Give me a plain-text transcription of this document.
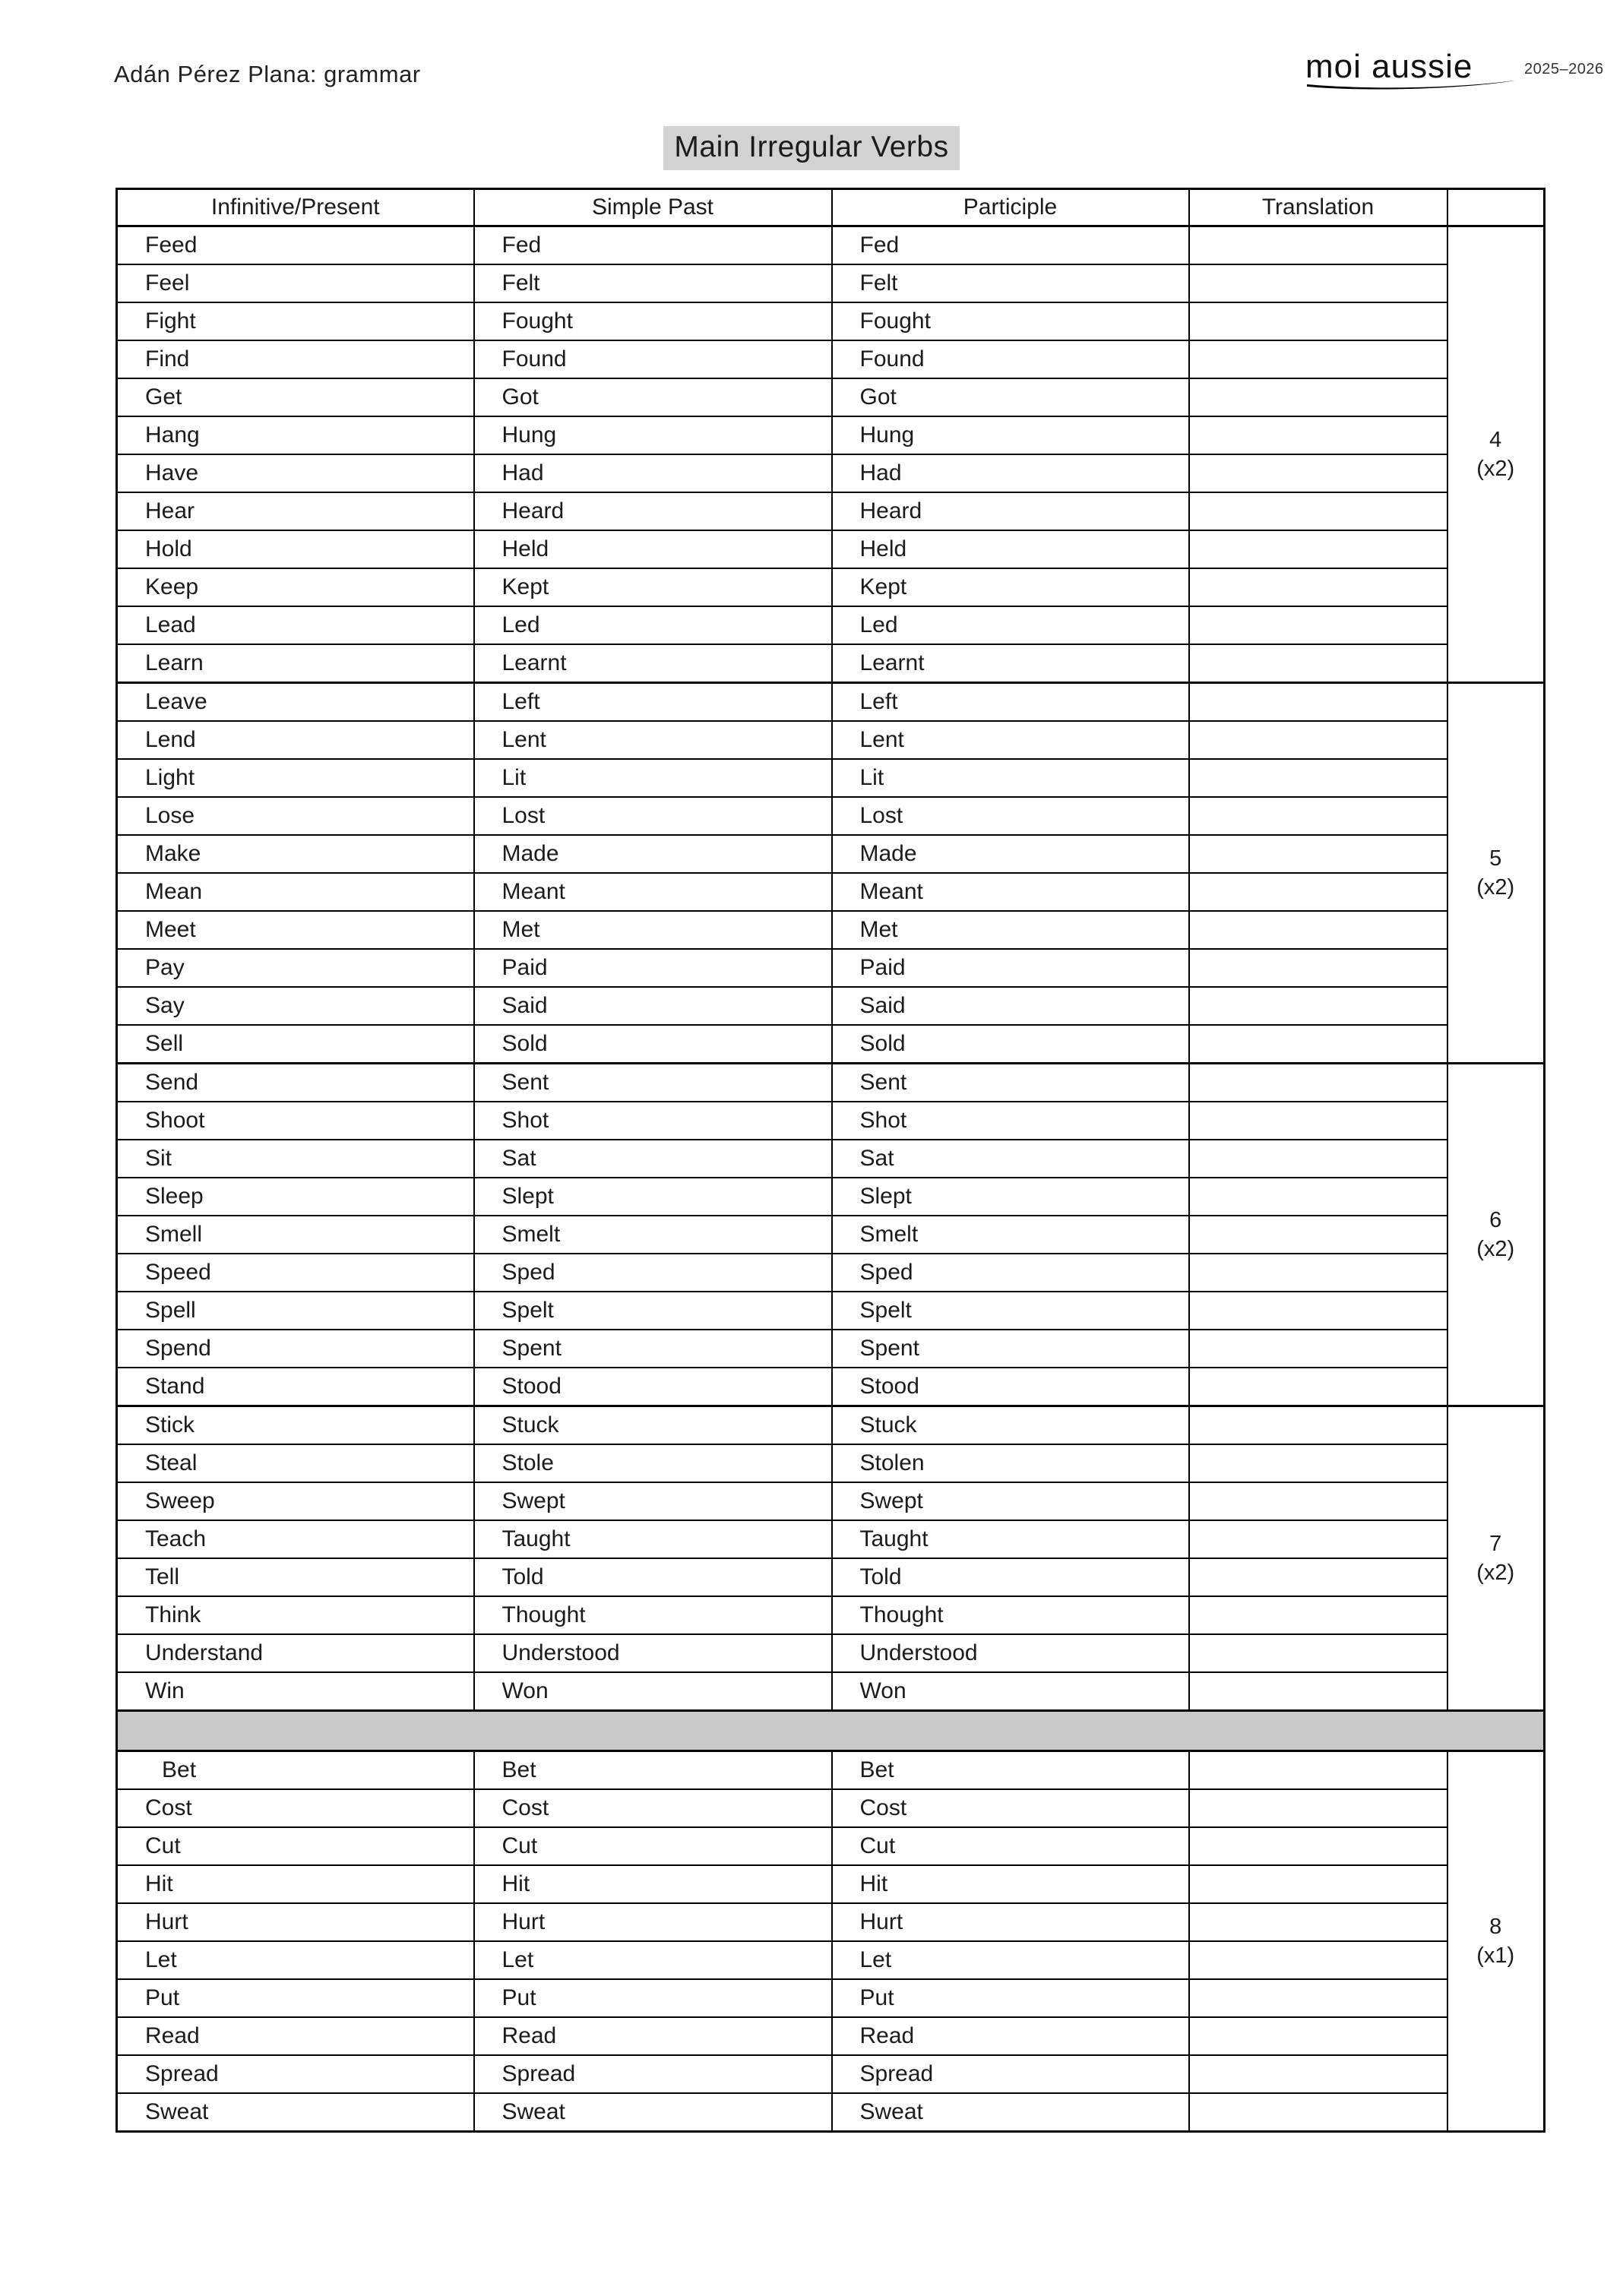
Adán Pérez Plana: grammar	moi aussie	2025–2026
Main Irregular Verbs
Infinitive/Present	Simple Past	Participle	Translation	
Feed	Fed	Fed		4
(x2)

Feel	Felt	Felt		
Fight	Fought	Fought		
Find	Found	Found		
Get	Got	Got		
Hang	Hung	Hung		
Have	Had	Had		
Hear	Heard	Heard		
Hold	Held	Held		
Keep	Kept	Kept		
Lead	Led	Led		
Learn	Learnt	Learnt		
Leave	Left	Left		5
(x2)

Lend	Lent	Lent		
Light	Lit	Lit		
Lose	Lost	Lost		
Make	Made	Made		
Mean	Meant	Meant		
Meet	Met	Met		
Pay	Paid	Paid		
Say	Said	Said		
Sell	Sold	Sold		
Send	Sent	Sent		6
(x2)

Shoot	Shot	Shot		
Sit	Sat	Sat		
Sleep	Slept	Slept		
Smell	Smelt	Smelt		
Speed	Sped	Sped		
Spell	Spelt	Spelt		
Spend	Spent	Spent		
Stand	Stood	Stood		
Stick	Stuck	Stuck		7
(x2)

Steal	Stole	Stolen		
Sweep	Swept	Swept		
Teach	Taught	Taught		
Tell	Told	Told		
Think	Thought	Thought		
Understand	Understood	Understood		
Win	Won	Won		

Bet	Bet	Bet		8
(x1)

Cost	Cost	Cost		
Cut	Cut	Cut		
Hit	Hit	Hit		
Hurt	Hurt	Hurt		
Let	Let	Let		
Put	Put	Put		
Read	Read	Read		
Spread	Spread	Spread		
Sweat	Sweat	Sweat		
